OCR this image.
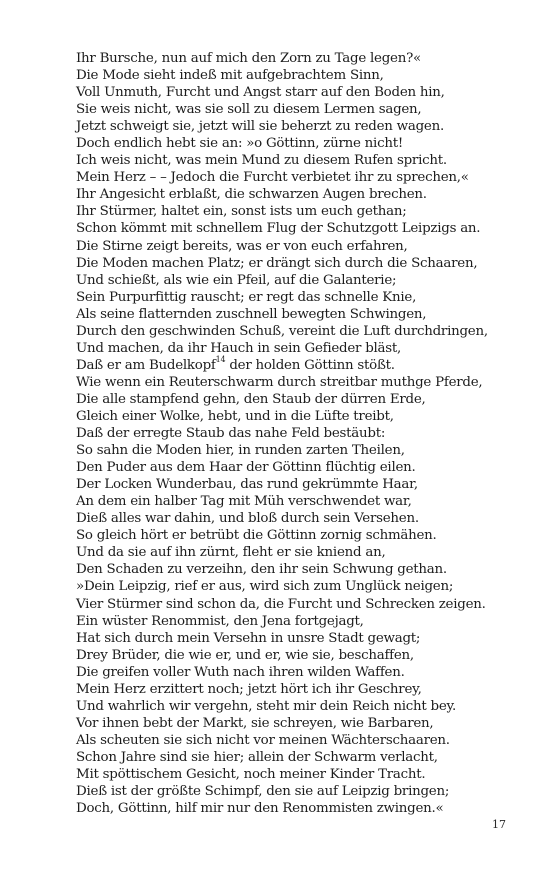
Ihr Bursche, nun auf mich den Zorn zu Tage legen?«
Die Mode sieht indeß mit aufgebrachtem Sinn,
Voll Unmuth, Furcht und Angst starr auf den Boden hin,
Sie weis nicht, was sie soll zu diesem Lermen sagen,
Jetzt schweigt sie, jetzt will sie beherzt zu reden wagen.
Doch endlich hebt sie an: »o Göttinn, zürne nicht!
Ich weis nicht, was mein Mund zu diesem Rufen spricht.
Mein Herz – – Jedoch die Furcht verbietet ihr zu sprechen,«
Ihr Angesicht erblaßt, die schwarzen Augen brechen.
Ihr Stürmer, haltet ein, sonst ists um euch gethan;
Schon kömmt mit schnellem Flug der Schutzgott Leipzigs an.
Die Stirne zeigt bereits, was er von euch erfahren,
Die Moden machen Platz; er drängt sich durch die Schaaren,
Und schießt, als wie ein Pfeil, auf die Galanterie;
Sein Purpurfittig rauscht; er regt das schnelle Knie,
Als seine flatternden zuschnell bewegten Schwingen,
Durch den geschwinden Schuß, vereint die Luft durchdringen,
Und machen, da ihr Hauch in sein Gefieder bläst,
Daß er am Budelkopf$^{14}$ der holden Göttinn stößt.
Wie wenn ein Reuterschwarm durch streitbar muthge Pferde,
Die alle stampfend gehn, den Staub der dürren Erde,
Gleich einer Wolke, hebt, und in die Lüfte treibt,
Daß der erregte Staub das nahe Feld bestäubt:
So sahn die Moden hier, in runden zarten Theilen,
Den Puder aus dem Haar der Göttinn flüchtig eilen.
Der Locken Wunderbau, das rund gekrümmte Haar,
An dem ein halber Tag mit Müh verschwendet war,
Dieß alles war dahin, und bloß durch sein Versehen.
So gleich hört er betrübt die Göttinn zornig schmähen.
Und da sie auf ihn zürnt, fleht er sie kniend an,
Den Schaden zu verzeihn, den ihr sein Schwung gethan.
»Dein Leipzig, rief er aus, wird sich zum Unglück neigen;
Vier Stürmer sind schon da, die Furcht und Schrecken zeigen.
Ein wüster Renommist, den Jena fortgejagt,
Hat sich durch mein Versehn in unsre Stadt gewagt;
Drey Brüder, die wie er, und er, wie sie, beschaffen,
Die greifen voller Wuth nach ihren wilden Waffen.
Mein Herz erzittert noch; jetzt hört ich ihr Geschrey,
Und wahrlich wir vergehn, steht mir dein Reich nicht bey.
Vor ihnen bebt der Markt, sie schreyen, wie Barbaren,
Als scheuten sie sich nicht vor meinen Wächterschaaren.
Schon Jahre sind sie hier; allein der Schwarm verlacht,
Mit spöttischem Gesicht, noch meiner Kinder Tracht.
Dieß ist der größte Schimpf, den sie auf Leipzig bringen;
Doch, Göttinn, hilf mir nur den Renommisten zwingen.«
17
